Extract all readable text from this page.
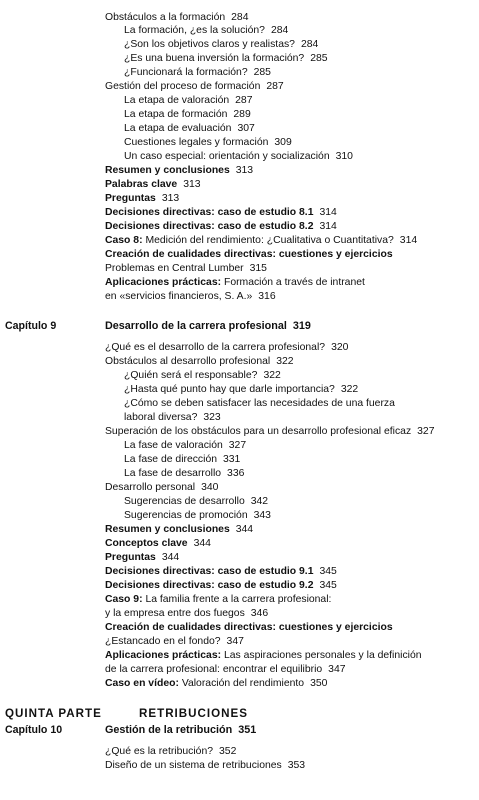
Obstáculos a la formación 284
La formación, ¿es la solución? 284
¿Son los objetivos claros y realistas? 284
¿Es una buena inversión la formación? 285
¿Funcionará la formación? 285
Gestión del proceso de formación 287
La etapa de valoración 287
La etapa de formación 289
La etapa de evaluación 307
Cuestiones legales y formación 309
Un caso especial: orientación y socialización 310
Resumen y conclusiones 313
Palabras clave 313
Preguntas 313
Decisiones directivas: caso de estudio 8.1 314
Decisiones directivas: caso de estudio 8.2 314
Caso 8: Medición del rendimiento: ¿Cualitativa o Cuantitativa? 314
Creación de cualidades directivas: cuestiones y ejercicios
Problemas en Central Lumber 315
Aplicaciones prácticas: Formación a través de intranet
en «servicios financieros, S. A.» 316
Capítulo 9	Desarrollo de la carrera profesional 319
¿Qué es el desarrollo de la carrera profesional? 320
Obstáculos al desarrollo profesional 322
¿Quién será el responsable? 322
¿Hasta qué punto hay que darle importancia? 322
¿Cómo se deben satisfacer las necesidades de una fuerza
laboral diversa? 323
Superación de los obstáculos para un desarrollo profesional eficaz 327
La fase de valoración 327
La fase de dirección 331
La fase de desarrollo 336
Desarrollo personal 340
Sugerencias de desarrollo 342
Sugerencias de promoción 343
Resumen y conclusiones 344
Conceptos clave 344
Preguntas 344
Decisiones directivas: caso de estudio 9.1 345
Decisiones directivas: caso de estudio 9.2 345
Caso 9: La familia frente a la carrera profesional:
y la empresa entre dos fuegos 346
Creación de cualidades directivas: cuestiones y ejercicios
¿Estancado en el fondo? 347
Aplicaciones prácticas: Las aspiraciones personales y la definición
de la carrera profesional: encontrar el equilibrio 347
Caso en vídeo: Valoración del rendimiento 350
QUINTA PARTE	RETRIBUCIONES
Capítulo 10	Gestión de la retribución 351
¿Qué es la retribución? 352
Diseño de un sistema de retribuciones 353
